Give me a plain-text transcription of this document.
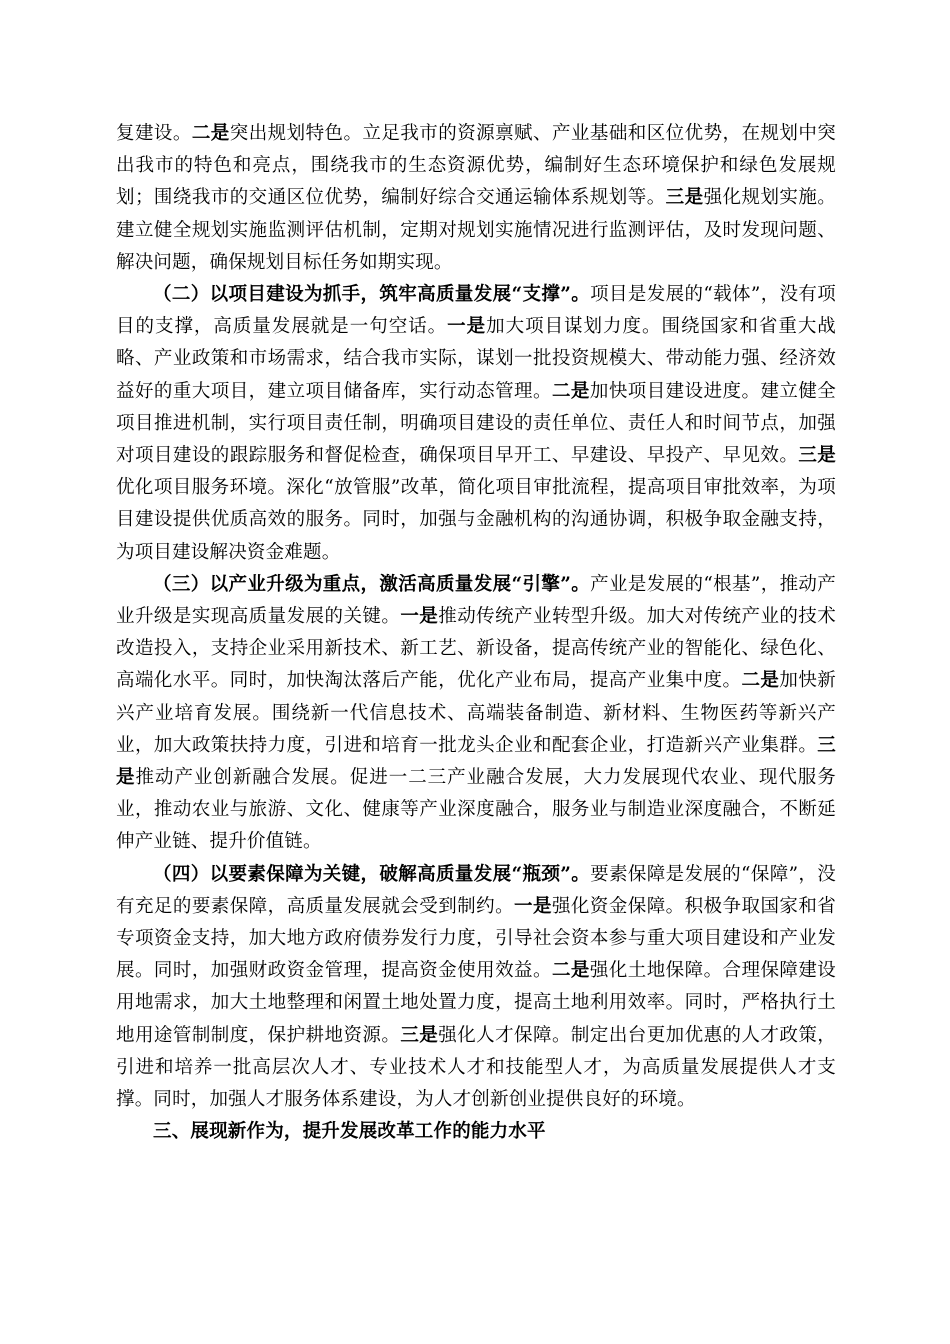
复建设。二是突出规划特色。立足我市的资源禀赋、产业基础和区位优势，在规划中突出我市的特色和亮点，围绕我市的生态资源优势，编制好生态环境保护和绿色发展规划；围绕我市的交通区位优势，编制好综合交通运输体系规划等。三是强化规划实施。建立健全规划实施监测评估机制，定期对规划实施情况进行监测评估，及时发现问题、解决问题，确保规划目标任务如期实现。

（二）以项目建设为抓手，筑牢高质量发展“支撑”。项目是发展的“载体”，没有项目的支撑，高质量发展就是一句空话。一是加大项目谋划力度。围绕国家和省重大战略、产业政策和市场需求，结合我市实际，谋划一批投资规模大、带动能力强、经济效益好的重大项目，建立项目储备库，实行动态管理。二是加快项目建设进度。建立健全项目推进机制，实行项目责任制，明确项目建设的责任单位、责任人和时间节点，加强对项目建设的跟踪服务和督促检查，确保项目早开工、早建设、早投产、早见效。三是优化项目服务环境。深化“放管服”改革，简化项目审批流程，提高项目审批效率，为项目建设提供优质高效的服务。同时，加强与金融机构的沟通协调，积极争取金融支持，为项目建设解决资金难题。

（三）以产业升级为重点，激活高质量发展“引擎”。产业是发展的“根基”，推动产业升级是实现高质量发展的关键。一是推动传统产业转型升级。加大对传统产业的技术改造投入，支持企业采用新技术、新工艺、新设备，提高传统产业的智能化、绿色化、高端化水平。同时，加快淘汰落后产能，优化产业布局，提高产业集中度。二是加快新兴产业培育发展。围绕新一代信息技术、高端装备制造、新材料、生物医药等新兴产业，加大政策扶持力度，引进和培育一批龙头企业和配套企业，打造新兴产业集群。三是推动产业创新融合发展。促进一二三产业融合发展，大力发展现代农业、现代服务业，推动农业与旅游、文化、健康等产业深度融合，服务业与制造业深度融合，不断延伸产业链、提升价值链。

（四）以要素保障为关键，破解高质量发展“瓶颈”。要素保障是发展的“保障”，没有充足的要素保障，高质量发展就会受到制约。一是强化资金保障。积极争取国家和省专项资金支持，加大地方政府债券发行力度，引导社会资本参与重大项目建设和产业发展。同时，加强财政资金管理，提高资金使用效益。二是强化土地保障。合理保障建设用地需求，加大土地整理和闲置土地处置力度，提高土地利用效率。同时，严格执行土地用途管制制度，保护耕地资源。三是强化人才保障。制定出台更加优惠的人才政策，引进和培养一批高层次人才、专业技术人才和技能型人才，为高质量发展提供人才支撑。同时，加强人才服务体系建设，为人才创新创业提供良好的环境。

三、展现新作为，提升发展改革工作的能力水平
